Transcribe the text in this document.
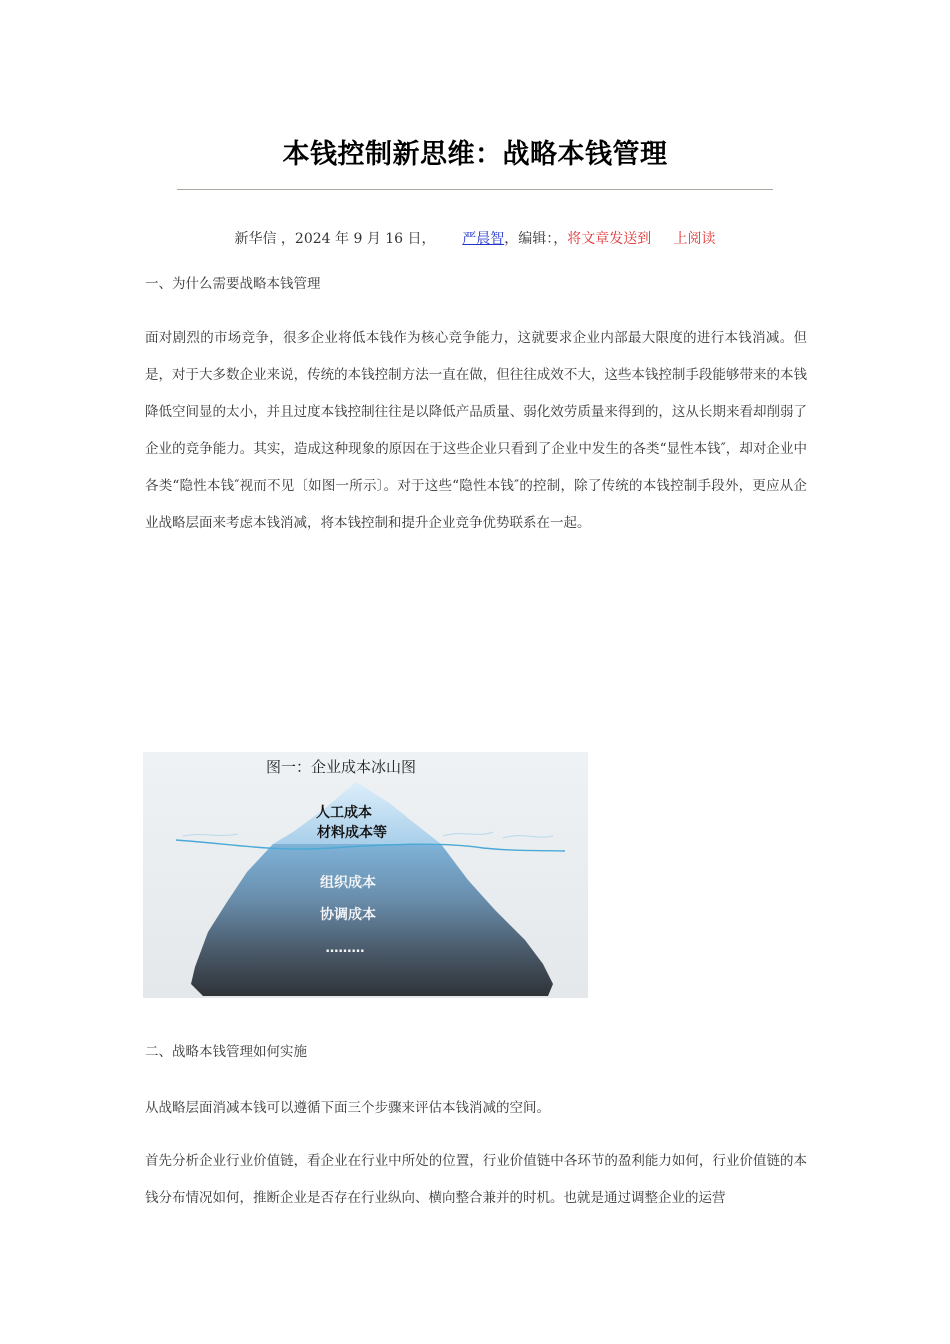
本钱控制新思维：战略本钱管理
新华信 ，2024 年 9 月 16 日， 严晨智，编辑：，将文章发送到 上阅读
一、为什么需要战略本钱管理
面对剧烈的市场竞争，很多企业将低本钱作为核心竞争能力，这就要求企业内部最大限度的进行本钱消减。但是，对于大多数企业来说，传统的本钱控制方法一直在做，但往往成效不大，这些本钱控制手段能够带来的本钱降低空间显的太小，并且过度本钱控制往往是以降低产品质量、弱化效劳质量来得到的，这从长期来看却削弱了企业的竞争能力。其实，造成这种现象的原因在于这些企业只看到了企业中发生的各类“显性本钱″，却对企业中各类“隐性本钱″视而不见〔如图一所示〕。对于这些“隐性本钱″的控制，除了传统的本钱控制手段外，更应从企业战略层面来考虑本钱消减，将本钱控制和提升企业竞争优势联系在一起。
图一：企业成本冰山图
人工成本
材料成本等
组织成本
协调成本
………
二、战略本钱管理如何实施
从战略层面消减本钱可以遵循下面三个步骤来评估本钱消减的空间。
首先分析企业行业价值链，看企业在行业中所处的位置，行业价值链中各环节的盈利能力如何，行业价值链的本钱分布情况如何，推断企业是否存在行业纵向、横向整合兼并的时机。也就是通过调整企业的运营
